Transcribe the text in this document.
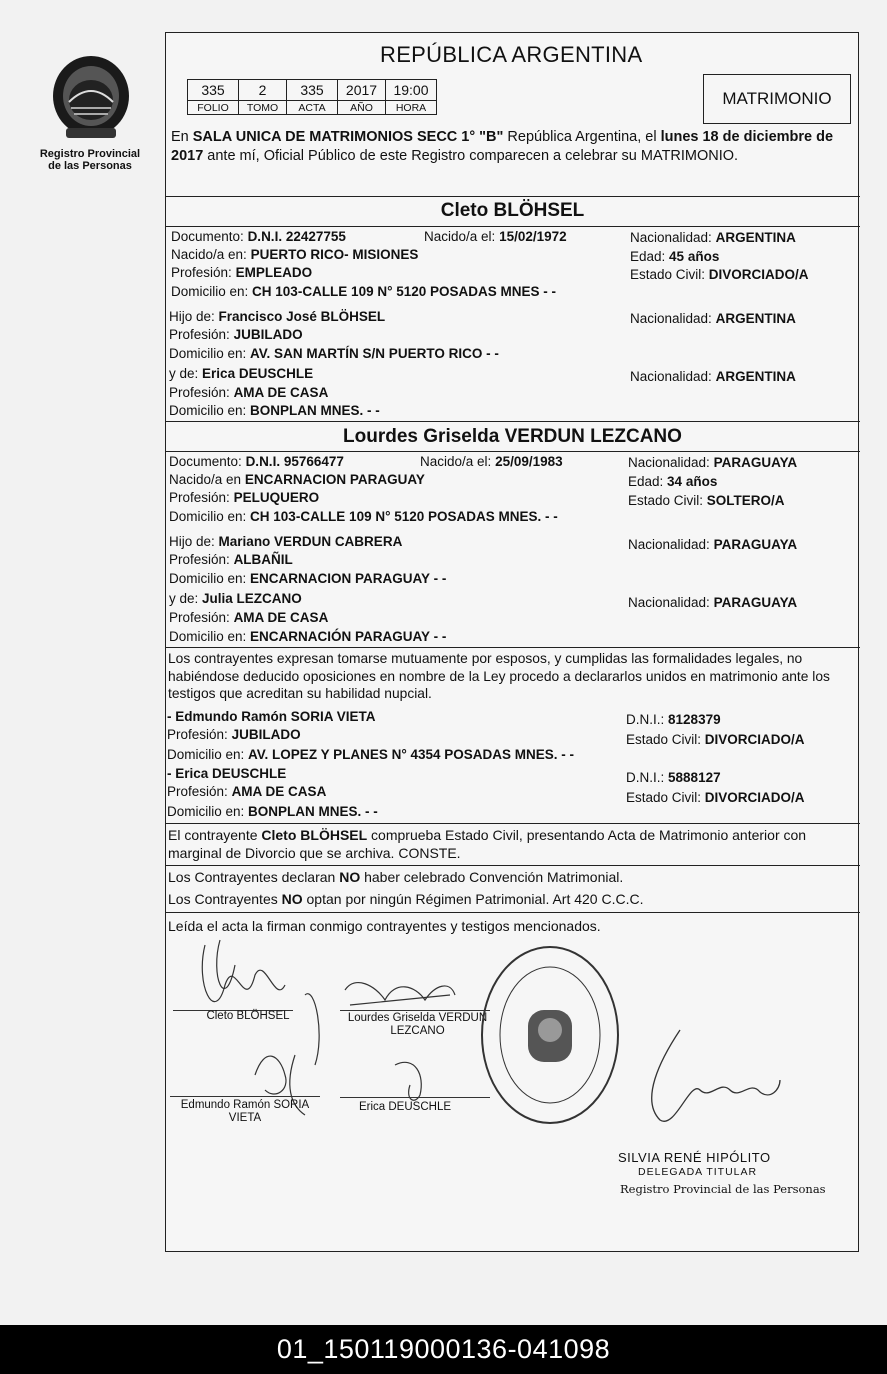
Registro Provincial
de las Personas
REPÚBLICA ARGENTINA
335	2	335	2017	19:00
FOLIO	TOMO	ACTA	AÑO	HORA	MATRIMONIO
En SALA UNICA DE MATRIMONIOS SECC 1° "B" República Argentina, el lunes 18 de diciembre de 2017 ante mí, Oficial Público de este Registro comparecen a celebrar su MATRIMONIO.
Cleto BLÖHSEL
Documento: D.N.I. 22427755	Nacido/a el: 15/02/1972	Nacionalidad: ARGENTINA
Nacido/a en: PUERTO RICO- MISIONES	Edad: 45 años
Profesión: EMPLEADO	Estado Civil: DIVORCIADO/A
Domicilio en: CH 103-CALLE 109 N° 5120 POSADAS MNES - -
Hijo de: Francisco José BLÖHSEL	Nacionalidad: ARGENTINA
Profesión: JUBILADO
Domicilio en: AV. SAN MARTÍN S/N PUERTO RICO - -
y de: Erica DEUSCHLE	Nacionalidad: ARGENTINA
Profesión: AMA DE CASA
Domicilio en: BONPLAN MNES. - -
Lourdes Griselda VERDUN LEZCANO
Documento: D.N.I. 95766477	Nacido/a el: 25/09/1983	Nacionalidad: PARAGUAYA
Nacido/a en ENCARNACION PARAGUAY	Edad: 34 años
Profesión: PELUQUERO	Estado Civil: SOLTERO/A
Domicilio en: CH 103-CALLE 109 N° 5120 POSADAS MNES. - -
Hijo de: Mariano VERDUN CABRERA	Nacionalidad: PARAGUAYA
Profesión: ALBAÑIL
Domicilio en: ENCARNACION PARAGUAY - -
y de: Julia LEZCANO	Nacionalidad: PARAGUAYA
Profesión: AMA DE CASA
Domicilio en: ENCARNACIÓN PARAGUAY - -
Los contrayentes expresan tomarse mutuamente por esposos, y cumplidas las formalidades legales, no habiéndose deducido oposiciones en nombre de la Ley procedo a declararlos unidos en matrimonio ante los testigos que acreditan su habilidad nupcial.
- Edmundo Ramón SORIA VIETA	D.N.I.: 8128379
Profesión: JUBILADO	Estado Civil: DIVORCIADO/A
Domicilio en: AV. LOPEZ Y PLANES N° 4354 POSADAS MNES. - -
- Erica DEUSCHLE	D.N.I.: 5888127
Profesión: AMA DE CASA	Estado Civil: DIVORCIADO/A
Domicilio en: BONPLAN MNES. - -
El contrayente Cleto BLÖHSEL comprueba Estado Civil, presentando Acta de Matrimonio anterior con marginal de Divorcio que se archiva. CONSTE.
Los Contrayentes declaran NO haber celebrado Convención Matrimonial.
Los Contrayentes NO optan por ningún Régimen Patrimonial. Art 420 C.C.C.
Leída el acta la firman conmigo contrayentes y testigos mencionados.
Cleto BLÖHSEL	Lourdes Griselda VERDUN
LEZCANO
Edmundo Ramón SORIA
VIETA
Erica DEUSCHLE
SILVIA RENÉ HIPÓLITO
DELEGADA TITULAR
Registro Provincial de las Personas
01_150119000136-041098
